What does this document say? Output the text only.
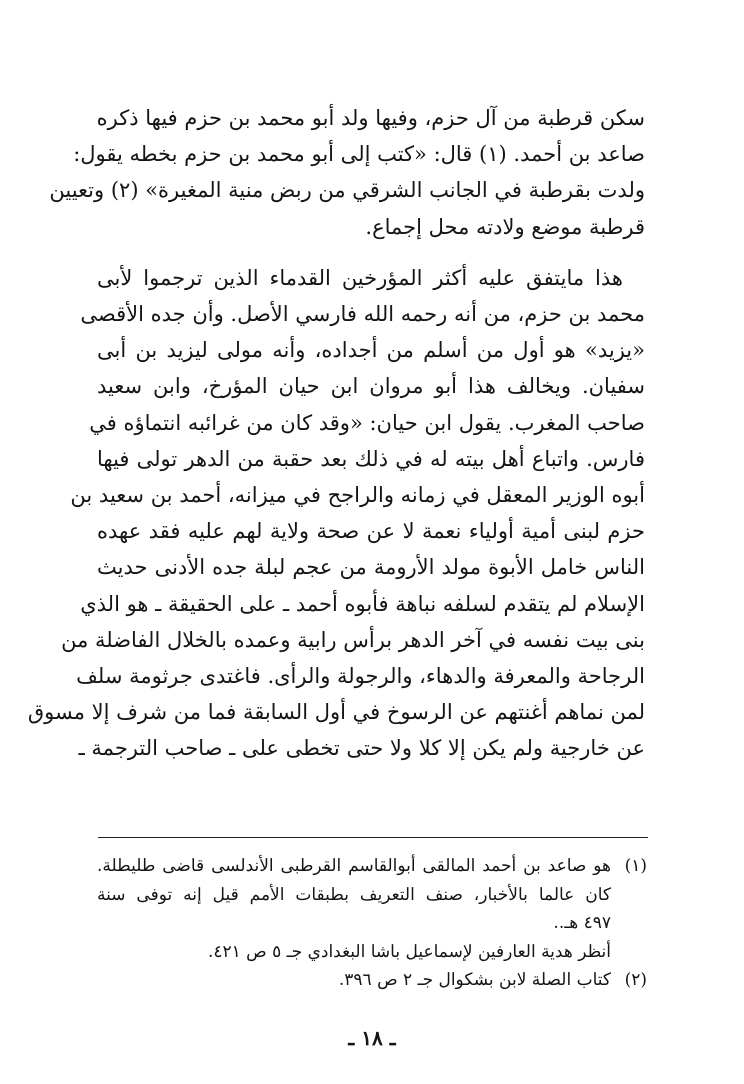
سكن قرطبة من آل حزم، وفيها ولد أبو محمد بن حزم فيها ذكره
صاعد بن أحمد. (١) قال: «كتب إلى أبو محمد بن حزم بخطه يقول:
ولدت بقرطبة في الجانب الشرقي من ربض منية المغيرة» (٢) وتعيين
قرطبة موضع ولادته محل إجماع.

هذا مايتفق عليه أكثر المؤرخين القدماء الذين ترجموا لأبى
محمد بن حزم، من أنه رحمه الله فارسي الأصل. وأن جده الأقصى
«يزيد» هو أول من أسلم من أجداده، وأنه مولى ليزيد بن أبى
سفيان. ويخالف هذا أبو مروان ابن حيان المؤرخ، وابن سعيد
صاحب المغرب. يقول ابن حيان: «وقد كان من غرائبه انتماؤه في
فارس. واتباع أهل بيته له في ذلك بعد حقبة من الدهر تولى فيها
أبوه الوزير المعقل في زمانه والراجح في ميزانه، أحمد بن سعيد بن
حزم لبنى أمية أولياء نعمة لا عن صحة ولاية لهم عليه فقد عهده
الناس خامل الأبوة مولد الأرومة من عجم لبلة جده الأدنى حديث
الإسلام لم يتقدم لسلفه نباهة فأبوه أحمد ـ على الحقيقة ـ هو الذي
بنى بيت نفسه في آخر الدهر برأس رابية وعمده بالخلال الفاضلة من
الرجاحة والمعرفة والدهاء، والرجولة والرأى. فاغتدى جرثومة سلف
لمن نماهم أغنتهم عن الرسوخ في أول السابقة فما من شرف إلا مسوق
عن خارجية ولم يكن إلا كلا ولا حتى تخطى على ـ صاحب الترجمة ـ

(١)
هو صاعد بن أحمد المالقى أبوالقاسم القرطبى الأندلسى قاضى طليطلة.
كان عالما بالأخبار، صنف التعريف بطبقات الأمم قيل إنه توفى سنة
٤٩٧ هـ..
أنظر هدية العارفين لإسماعيل باشا البغدادي جـ ٥ ص ٤٢١.
(٢)
كتاب الصلة لابن بشكوال جـ ٢ ص ٣٩٦.
ـ ١٨ ـ
